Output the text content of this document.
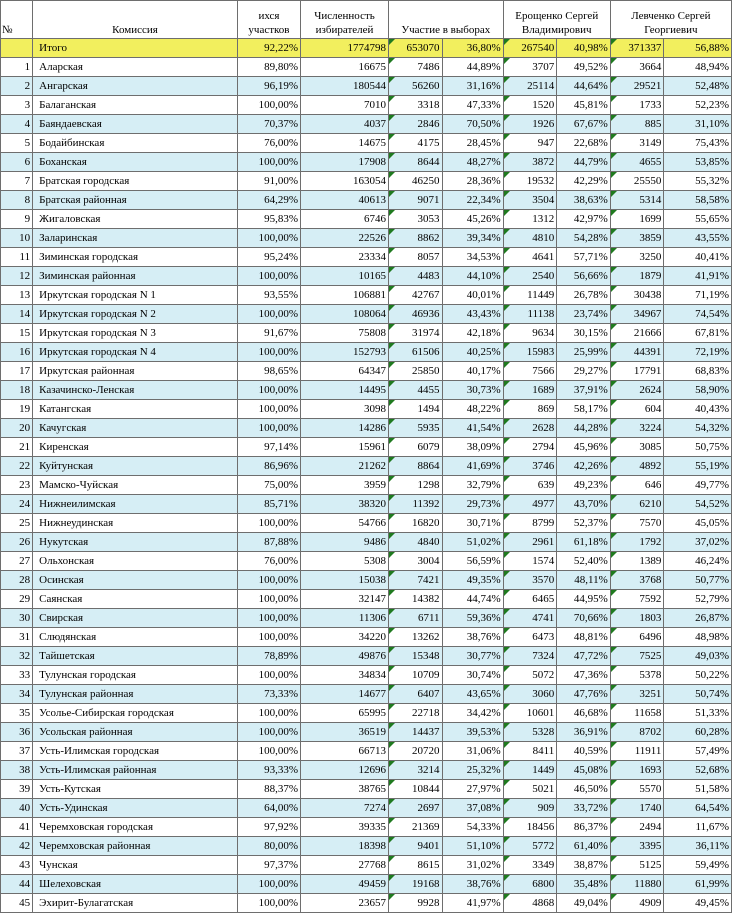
№	Комиссия	ихся участков	Численность избирателей	Участие в выборах		Ерощенко Сергей Владимирович		Левченко Сергей Георгиевич	
	Итого	92,22%	1774798	653070	36,80%	267540	40,98%	371337	56,88%
1	Аларская	89,80%	16675	7486	44,89%	3707	49,52%	3664	48,94%
2	Ангарская	96,19%	180544	56260	31,16%	25114	44,64%	29521	52,48%
3	Балаганская	100,00%	7010	3318	47,33%	1520	45,81%	1733	52,23%
4	Баяндаевская	70,37%	4037	2846	70,50%	1926	67,67%	885	31,10%
5	Бодайбинская	76,00%	14675	4175	28,45%	947	22,68%	3149	75,43%
6	Боханская	100,00%	17908	8644	48,27%	3872	44,79%	4655	53,85%
7	Братская городская	91,00%	163054	46250	28,36%	19532	42,29%	25550	55,32%
8	Братская районная	64,29%	40613	9071	22,34%	3504	38,63%	5314	58,58%
9	Жигаловская	95,83%	6746	3053	45,26%	1312	42,97%	1699	55,65%
10	Заларинская	100,00%	22526	8862	39,34%	4810	54,28%	3859	43,55%
11	Зиминская городская	95,24%	23334	8057	34,53%	4641	57,71%	3250	40,41%
12	Зиминская районная	100,00%	10165	4483	44,10%	2540	56,66%	1879	41,91%
13	Иркутская городская N 1	93,55%	106881	42767	40,01%	11449	26,78%	30438	71,19%
14	Иркутская городская N 2	100,00%	108064	46936	43,43%	11138	23,74%	34967	74,54%
15	Иркутская городская N 3	91,67%	75808	31974	42,18%	9634	30,15%	21666	67,81%
16	Иркутская городская N 4	100,00%	152793	61506	40,25%	15983	25,99%	44391	72,19%
17	Иркутская районная	98,65%	64347	25850	40,17%	7566	29,27%	17791	68,83%
18	Казачинско-Ленская	100,00%	14495	4455	30,73%	1689	37,91%	2624	58,90%
19	Катангская	100,00%	3098	1494	48,22%	869	58,17%	604	40,43%
20	Качугская	100,00%	14286	5935	41,54%	2628	44,28%	3224	54,32%
21	Киренская	97,14%	15961	6079	38,09%	2794	45,96%	3085	50,75%
22	Куйтунская	86,96%	21262	8864	41,69%	3746	42,26%	4892	55,19%
23	Мамско-Чуйская	75,00%	3959	1298	32,79%	639	49,23%	646	49,77%
24	Нижнеилимская	85,71%	38320	11392	29,73%	4977	43,70%	6210	54,52%
25	Нижнеудинская	100,00%	54766	16820	30,71%	8799	52,37%	7570	45,05%
26	Нукутская	87,88%	9486	4840	51,02%	2961	61,18%	1792	37,02%
27	Ольхонская	76,00%	5308	3004	56,59%	1574	52,40%	1389	46,24%
28	Осинская	100,00%	15038	7421	49,35%	3570	48,11%	3768	50,77%
29	Саянская	100,00%	32147	14382	44,74%	6465	44,95%	7592	52,79%
30	Свирская	100,00%	11306	6711	59,36%	4741	70,66%	1803	26,87%
31	Слюдянская	100,00%	34220	13262	38,76%	6473	48,81%	6496	48,98%
32	Тайшетская	78,89%	49876	15348	30,77%	7324	47,72%	7525	49,03%
33	Тулунская городская	100,00%	34834	10709	30,74%	5072	47,36%	5378	50,22%
34	Тулунская районная	73,33%	14677	6407	43,65%	3060	47,76%	3251	50,74%
35	Усолье-Сибирская городская	100,00%	65995	22718	34,42%	10601	46,68%	11658	51,33%
36	Усольская районная	100,00%	36519	14437	39,53%	5328	36,91%	8702	60,28%
37	Усть-Илимская городская	100,00%	66713	20720	31,06%	8411	40,59%	11911	57,49%
38	Усть-Илимская районная	93,33%	12696	3214	25,32%	1449	45,08%	1693	52,68%
39	Усть-Кутская	88,37%	38765	10844	27,97%	5021	46,50%	5570	51,58%
40	Усть-Удинская	64,00%	7274	2697	37,08%	909	33,72%	1740	64,54%
41	Черемховская городская	97,92%	39335	21369	54,33%	18456	86,37%	2494	11,67%
42	Черемховская районная	80,00%	18398	9401	51,10%	5772	61,40%	3395	36,11%
43	Чунская	97,37%	27768	8615	31,02%	3349	38,87%	5125	59,49%
44	Шелеховская	100,00%	49459	19168	38,76%	6800	35,48%	11880	61,99%
45	Эхирит-Булагатская	100,00%	23657	9928	41,97%	4868	49,04%	4909	49,45%
